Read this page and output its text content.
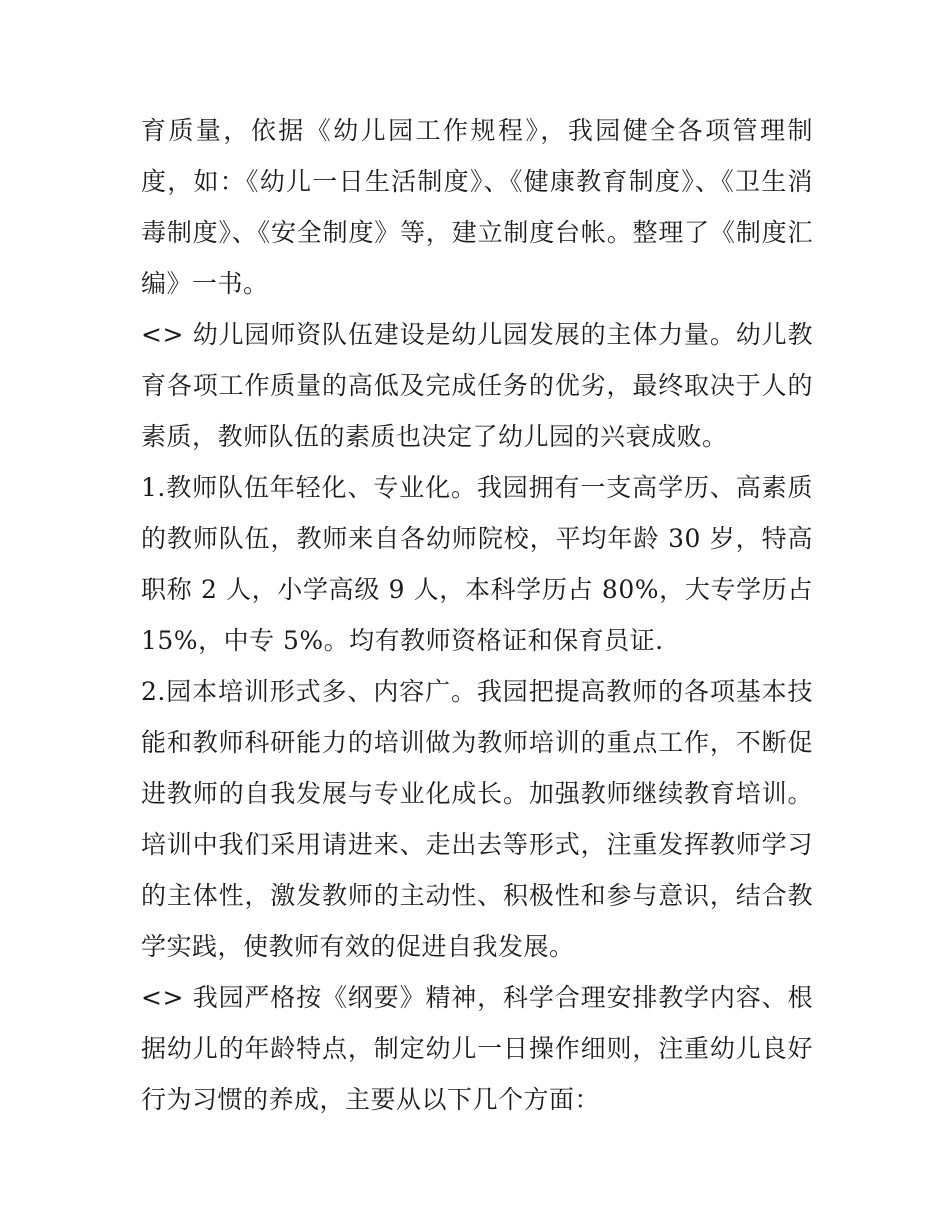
育质量，依据《幼儿园工作规程》，我园健全各项管理制度，如：《幼儿一日生活制度》、《健康教育制度》、《卫生消毒制度》、《安全制度》等，建立制度台帐。整理了《制度汇编》一书。

<> 幼儿园师资队伍建设是幼儿园发展的主体力量。幼儿教育各项工作质量的高低及完成任务的优劣，最终取决于人的素质，教师队伍的素质也决定了幼儿园的兴衰成败。

1.教师队伍年轻化、专业化。我园拥有一支高学历、高素质的教师队伍，教师来自各幼师院校，平均年龄 30 岁，特高职称 2 人，小学高级 9 人，本科学历占 80%，大专学历占 15%，中专 5%。均有教师资格证和保育员证.

2.园本培训形式多、内容广。我园把提高教师的各项基本技能和教师科研能力的培训做为教师培训的重点工作，不断促进教师的自我发展与专业化成长。加强教师继续教育培训。培训中我们采用请进来、走出去等形式，注重发挥教师学习的主体性，激发教师的主动性、积极性和参与意识，结合教学实践，使教师有效的促进自我发展。

<> 我园严格按《纲要》精神，科学合理安排教学内容、根据幼儿的年龄特点，制定幼儿一日操作细则，注重幼儿良好行为习惯的养成，主要从以下几个方面：
